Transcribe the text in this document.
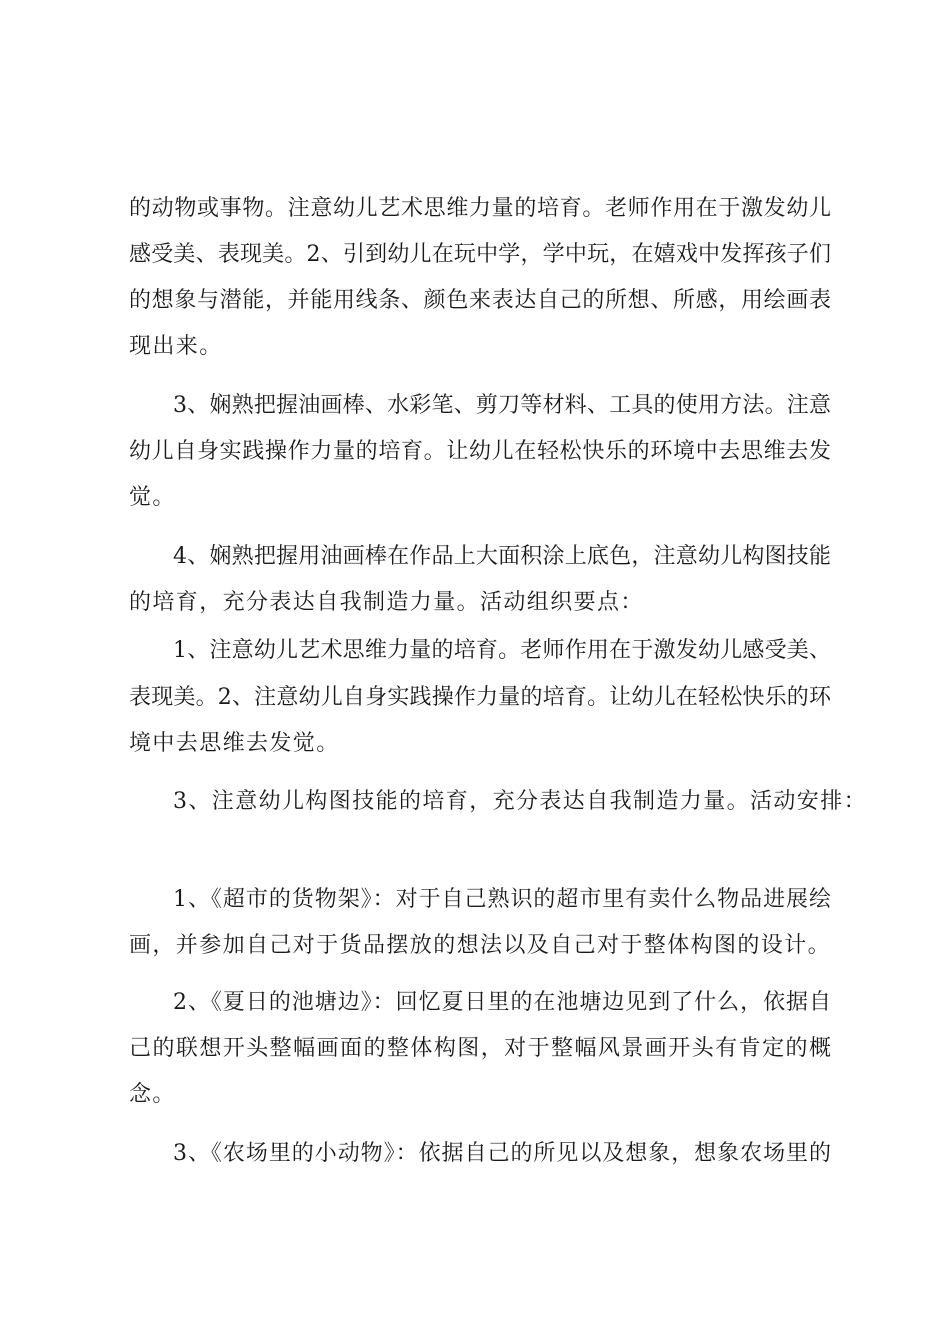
的动物或事物。注意幼儿艺术思维力量的培育。老师作用在于激发幼儿
感受美、表现美。2、引到幼儿在玩中学，学中玩，在嬉戏中发挥孩子们
的想象与潜能，并能用线条、颜色来表达自己的所想、所感，用绘画表
现出来。
3、娴熟把握油画棒、水彩笔、剪刀等材料、工具的使用方法。注意
幼儿自身实践操作力量的培育。让幼儿在轻松快乐的环境中去思维去发
觉。
4、娴熟把握用油画棒在作品上大面积涂上底色，注意幼儿构图技能
的培育，充分表达自我制造力量。活动组织要点：
1、注意幼儿艺术思维力量的培育。老师作用在于激发幼儿感受美、
表现美。2、注意幼儿自身实践操作力量的培育。让幼儿在轻松快乐的环
境中去思维去发觉。
3、注意幼儿构图技能的培育，充分表达自我制造力量。活动安排：
1、《超市的货物架》：对于自己熟识的超市里有卖什么物品进展绘
画，并参加自己对于货品摆放的想法以及自己对于整体构图的设计。
2、《夏日的池塘边》：回忆夏日里的在池塘边见到了什么，依据自
己的联想开头整幅画面的整体构图，对于整幅风景画开头有肯定的概
念。
3、《农场里的小动物》：依据自己的所见以及想象，想象农场里的
